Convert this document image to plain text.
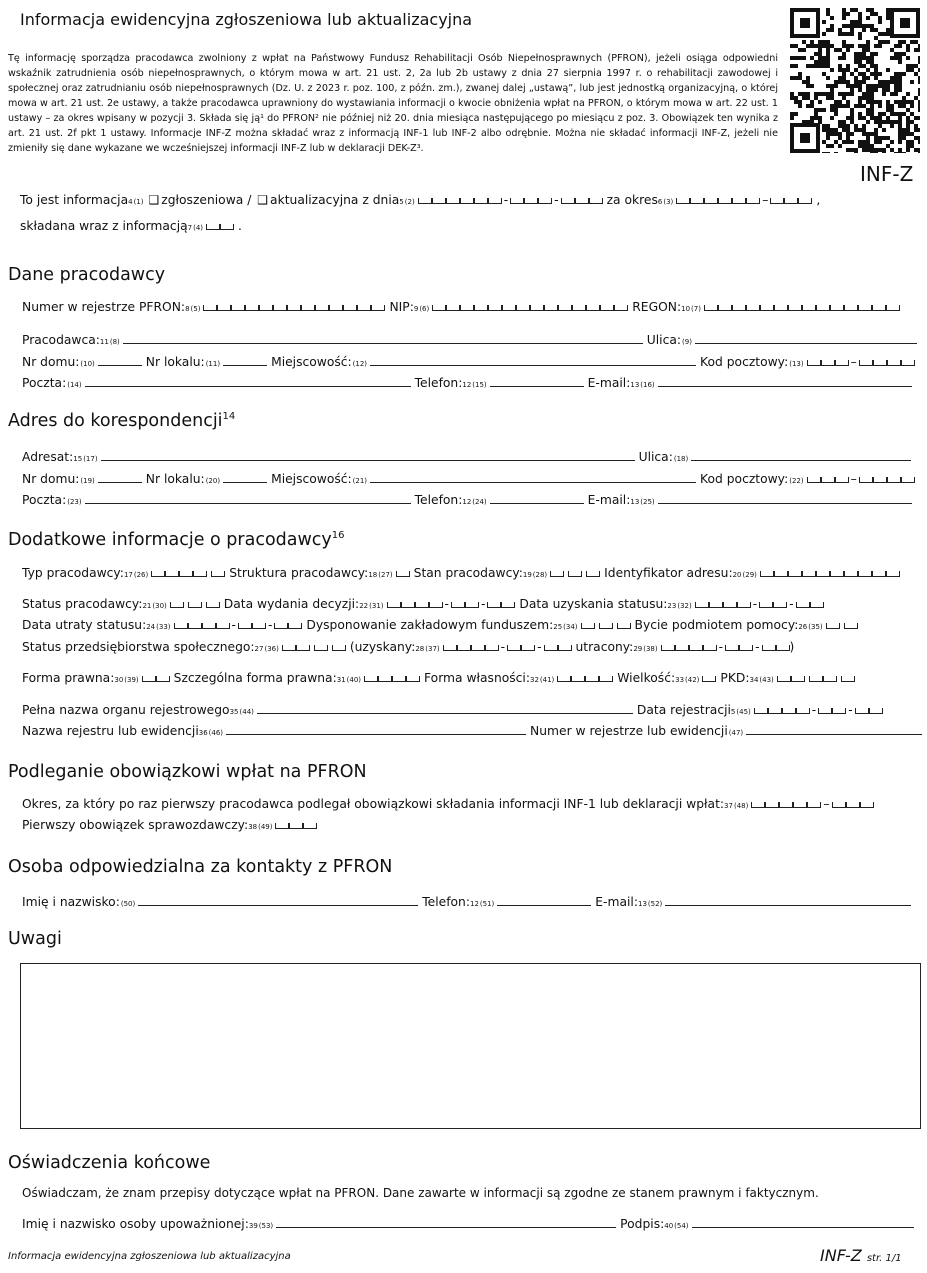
Informacja ewidencyjna zgłoszeniowa lub aktualizacyjna
Tę informację sporządza pracodawca zwolniony z wpłat na Państwowy Fundusz Rehabilitacji Osób Niepełnosprawnych (PFRON), jeżeli osiąga odpowiedni wskaźnik zatrudnienia osób niepełnosprawnych, o którym mowa w art. 21 ust. 2, 2a lub 2b ustawy z dnia 27 sierpnia 1997 r. o rehabilitacji zawodowej i społecznej oraz zatrudnianiu osób niepełnosprawnych (Dz. U. z 2023 r. poz. 100, z późn. zm.), zwanej dalej „ustawą”, lub jest jednostką organizacyjną, o której mowa w art. 21 ust. 2e ustawy, a także pracodawca uprawniony do wystawiania informacji o kwocie obniżenia wpłat na PFRON, o którym mowa w art. 22 ust. 1 ustawy – za okres wpisany w pozycji 3. Składa się ją¹ do PFRON² nie później niż 20. dnia miesiąca następującego po miesiącu z poz. 3. Obowiązek ten wynika z art. 21 ust. 2f pkt 1 ustawy. Informacje INF-Z można składać wraz z informacją INF-1 lub INF-2 albo odrębnie. Można nie składać informacji INF-Z, jeżeli nie zmieniły się dane wykazane we wcześniejszej informacji INF-Z lub w deklaracji DEK-Z³.
INF-Z
To jest informacja 4 (1) ❑ zgłoszeniowa /
❑ aktualizacyjna z dnia 5 (2)	-	-	za okres 6 (3)	–	,
składana wraz z informacją 7 (4)	.
Dane pracodawcy
Numer w rejestrze PFRON: 8 (5)	NIP: 9 (6)	REGON: 10 (7)
Pracodawca: 11 (8)	Ulica: (9)
Nr domu: (10)	Nr lokalu: (11)	Miejscowość: (12)	Kod pocztowy: (13)	–
Poczta: (14)	Telefon: 12 (15)	E-mail: 13 (16)
Adres do korespondencji$^{14}$
Adresat: 15 (17)	Ulica: (18)
Nr domu: (19)	Nr lokalu: (20)	Miejscowość: (21)	Kod pocztowy: (22)	–
Poczta: (23)	Telefon: 12 (24)	E-mail: 13 (25)
Dodatkowe informacje o pracodawcy$^{16}$
Typ pracodawcy: 17 (26)	Struktura pracodawcy: 18 (27) Stan pracodawcy: 19 (28)	Identyfikator adresu: 20 (29)
Status pracodawcy: 21 (30)	Data wydania decyzji: 22 (31)	-	-	Data uzyskania statusu: 23 (32)	-	-
Data utraty statusu: 24 (33)	-	-	Dysponowanie zakładowym funduszem: 25 (34)	Bycie podmiotem pomocy: 26 (35)
Status przedsiębiorstwa społecznego: 27 (36)	(uzyskany: 28 (37)	-	-	utracony: 29 (38)	-	- )
Forma prawna: 30 (39)	Szczególna forma prawna: 31 (40)	Forma własności: 32 (41)	Wielkość: 33 (42) PKD: 34 (43)
Pełna nazwa organu rejestrowego 35 (44)	Data rejestracji 5 (45)	-	-
Nazwa rejestru lub ewidencji 36 (46)	Numer w rejestrze lub ewidencji (47)
Podleganie obowiązkowi wpłat na PFRON
Okres, za który po raz pierwszy pracodawca podlegał obowiązkowi składania informacji INF-1 lub deklaracji wpłat: 37 (48)	–
Pierwszy obowiązek sprawozdawczy: 38 (49)
Osoba odpowiedzialna za kontakty z PFRON
Imię i nazwisko: (50)	Telefon: 12 (51)	E-mail: 13 (52)
Uwagi
Oświadczenia końcowe
Oświadczam, że znam przepisy dotyczące wpłat na PFRON. Dane zawarte w informacji są zgodne ze stanem prawnym i faktycznym.
Imię i nazwisko osoby upoważnionej: 39 (53)	Podpis: 40 (54)
Informacja ewidencyjna zgłoszeniowa lub aktualizacyjna	INF-Z str. 1/1
